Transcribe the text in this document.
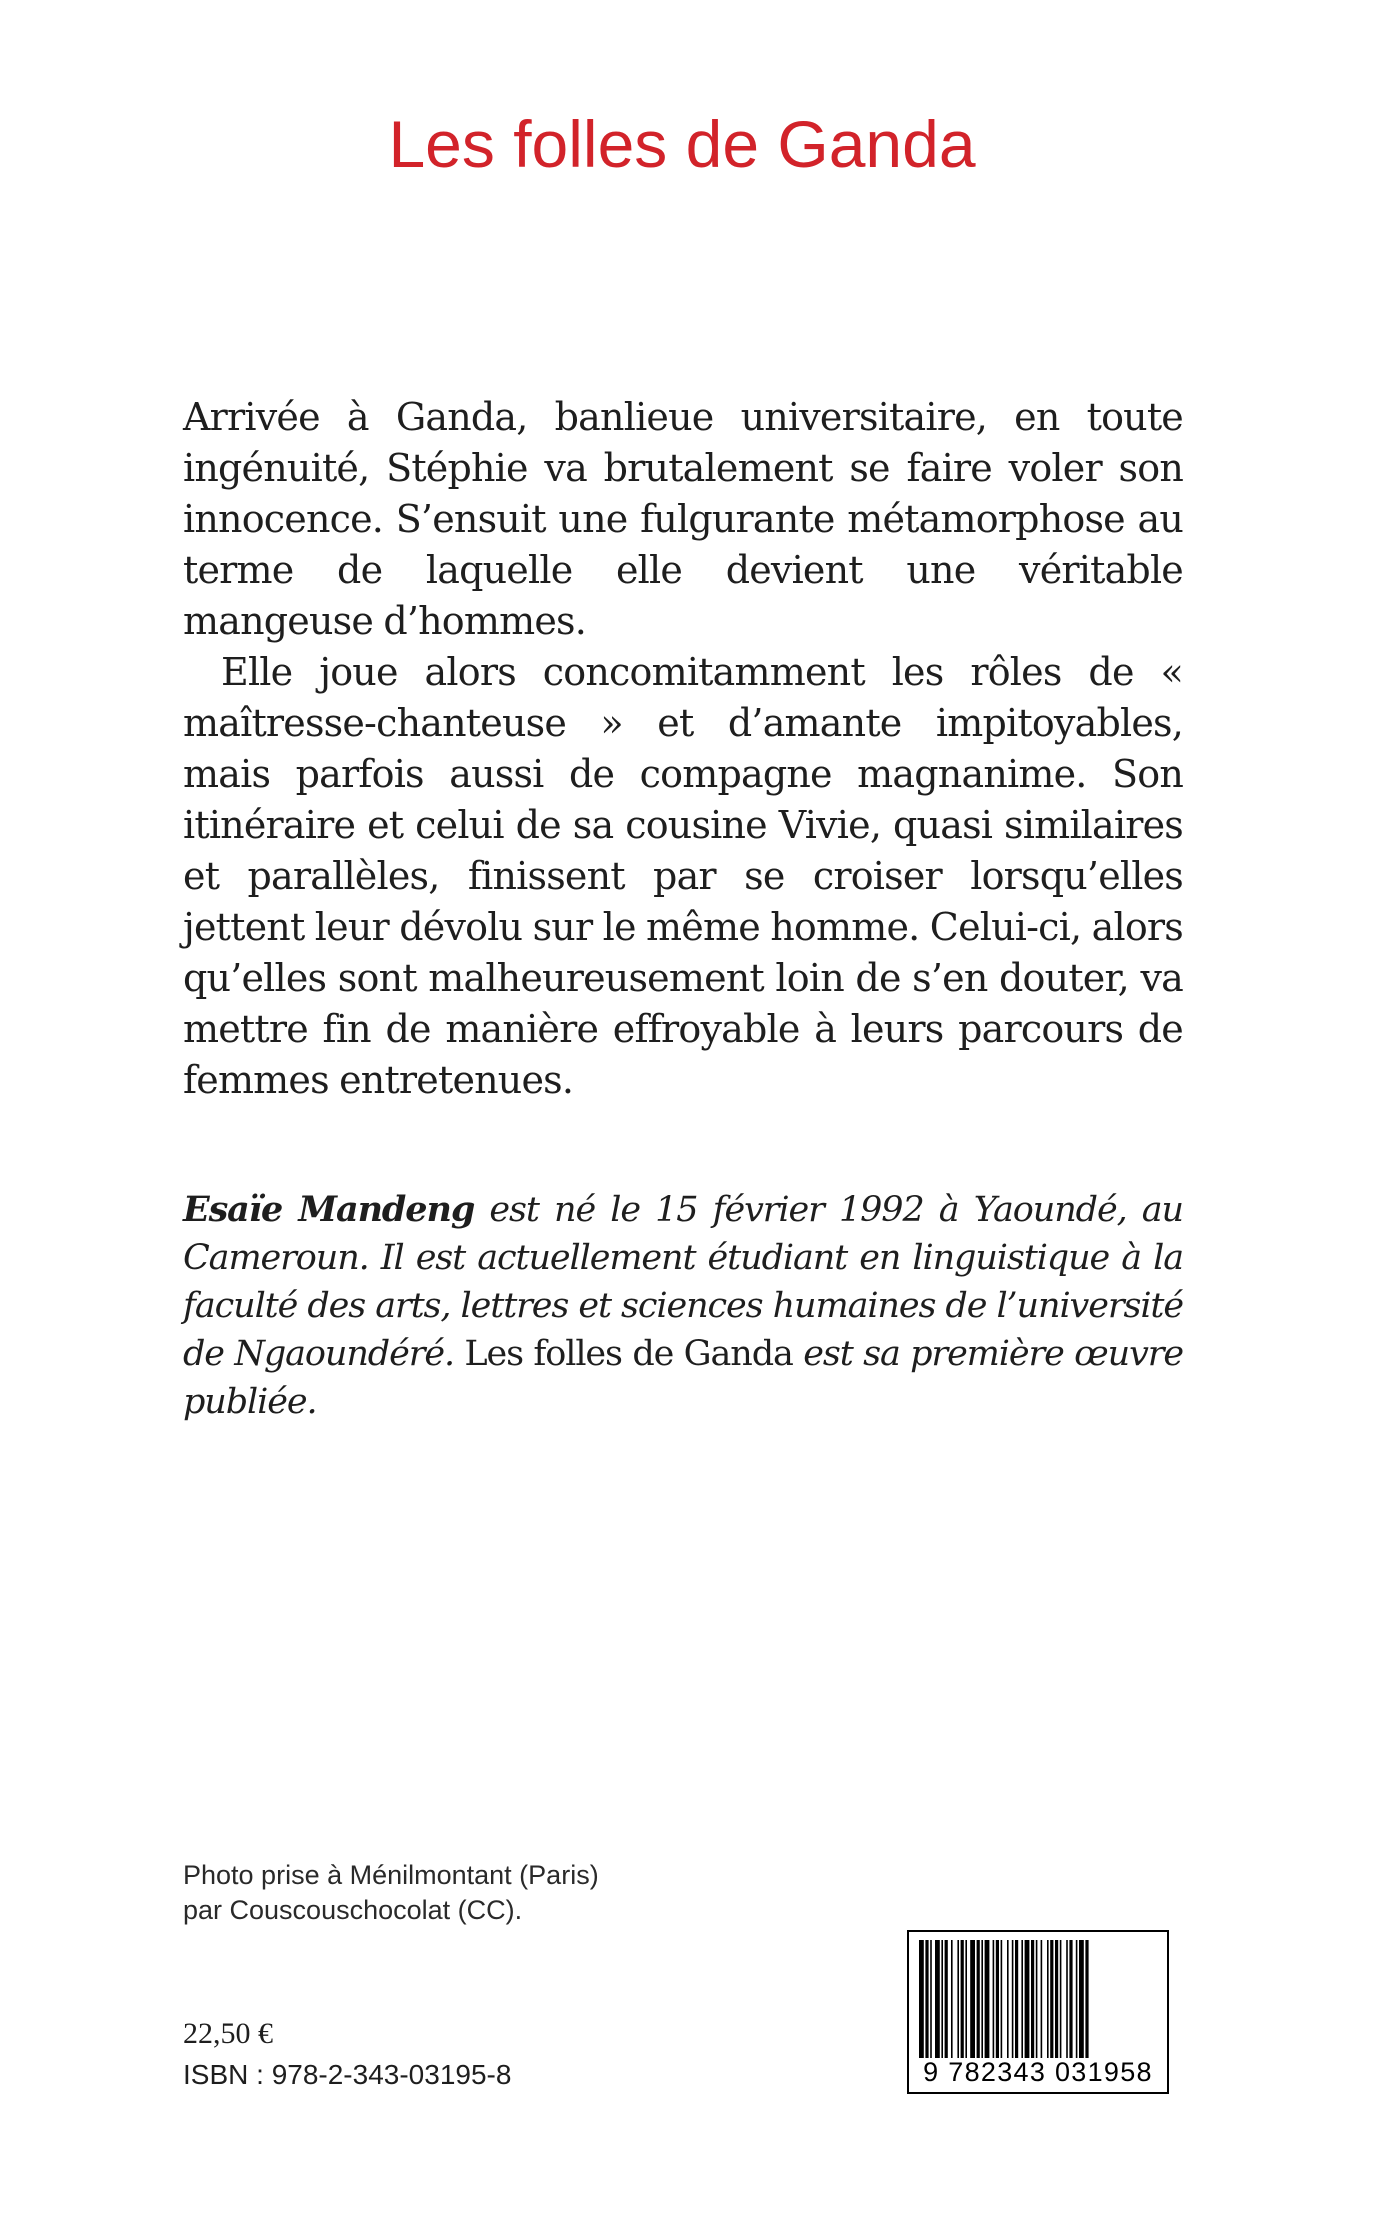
Les folles de Ganda

Arrivée à Ganda, banlieue universitaire, en toute ingénuité, Stéphie va brutalement se faire voler son innocence. S’ensuit une fulgurante métamorphose au terme de laquelle elle devient une véritable mangeuse d’hommes.

Elle joue alors concomitamment les rôles de « maîtresse-chanteuse » et d’amante impitoyables, mais parfois aussi de compagne magnanime. Son itinéraire et celui de sa cousine Vivie, quasi similaires et parallèles, finissent par se croiser lorsqu’elles jettent leur dévolu sur le même homme. Celui-ci, alors qu’elles sont malheureusement loin de s’en douter, va mettre fin de manière effroyable à leurs parcours de femmes entretenues.

Esaïe Mandeng est né le 15 février 1992 à Yaoundé, au Cameroun. Il est actuellement étudiant en linguistique à la faculté des arts, lettres et sciences humaines de l’université de Ngaoundéré. Les folles de Ganda est sa première œuvre publiée.
Photo prise à Ménilmontant (Paris)
par Couscouschocolat (CC).
22,50 €
ISBN : 978-2-343-03195-8	9 782343 031958
